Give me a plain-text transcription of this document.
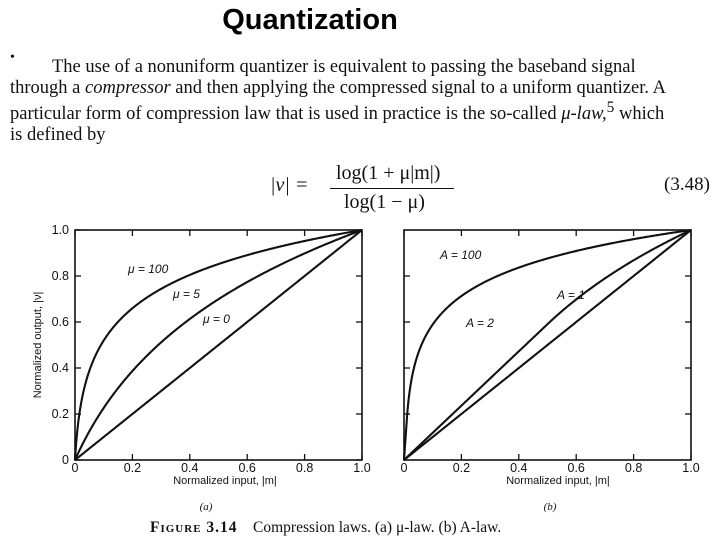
Quantization
•	The use of a nonuniform quantizer is equivalent to passing the baseband signal
through a compressor and then applying the compressed signal to a uniform quantizer. A
particular form of compression law that is used in practice is the so-called μ-law,$^5$ which
is defined by
|ν| =
log(1 + μ|m|)
log(1 − μ)
(3.48)
0	0.2	0.4	0.6	0.8	1.0
0
0.2
0.4
0.6
0.8
1.0
μ = 100
μ = 5
μ = 0
Normalized input, |m|
Normalized output, |ν|
(a)
0	0.2	0.4	0.6	0.8	1.0
A = 100
A = 2
A = 1
Normalized input, |m|
(b)
Figure 3.14 Compression laws. (a) μ-law. (b) A-law.
